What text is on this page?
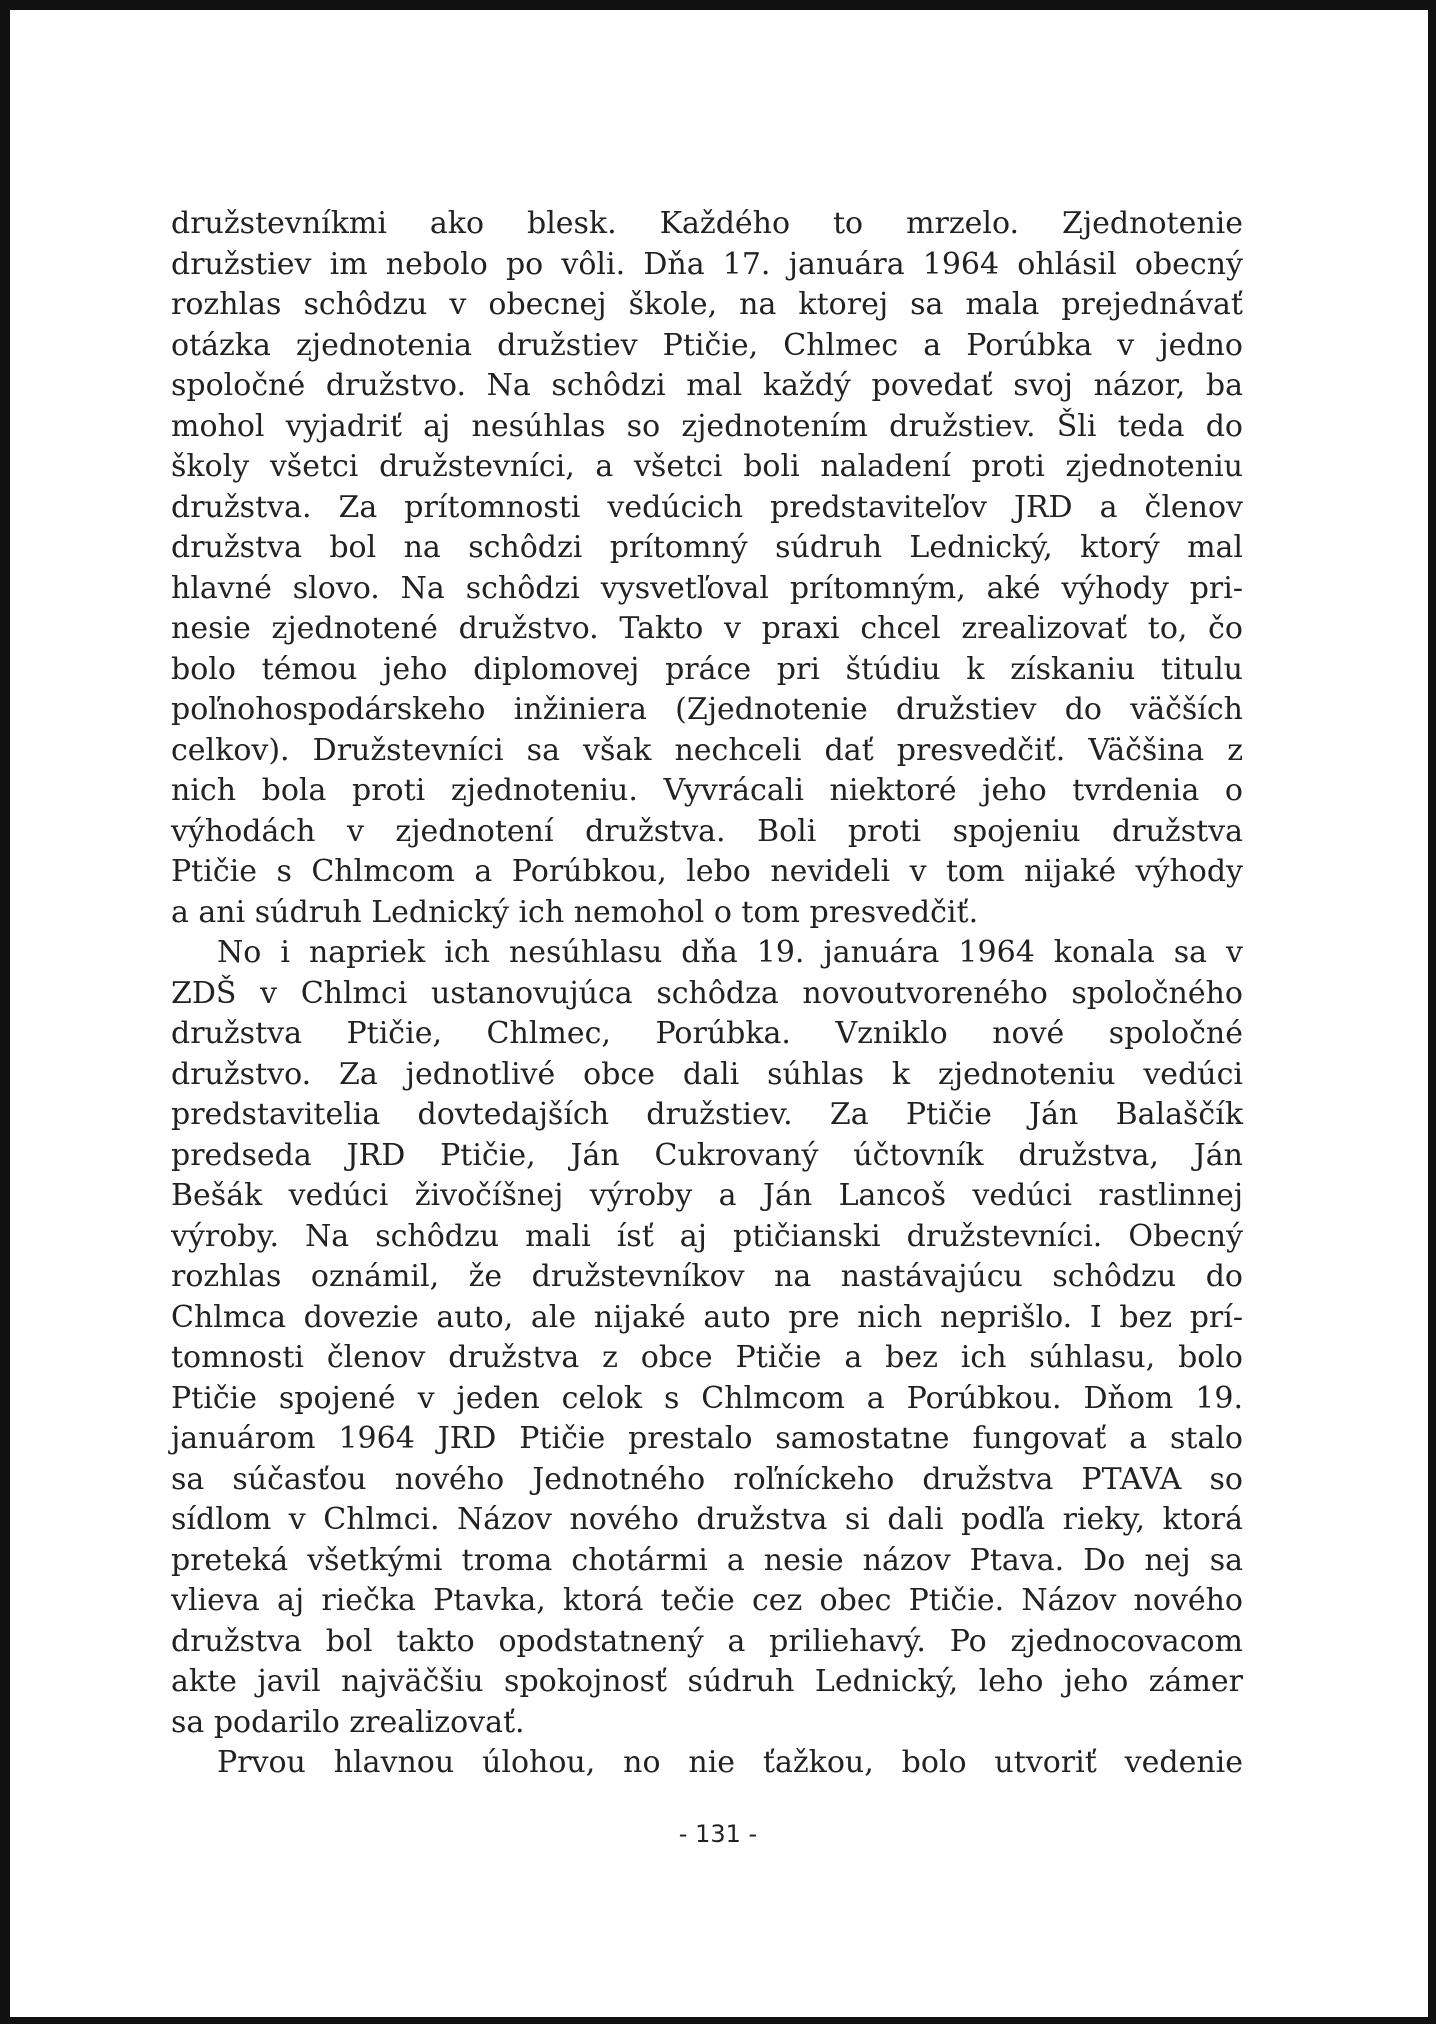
družstevníkmi ako blesk. Každého to mrzelo. Zjednotenie
družstiev im nebolo po vôli. Dňa 17. januára 1964 ohlásil obecný
rozhlas schôdzu v obecnej škole, na ktorej sa mala prejednávať
otázka zjednotenia družstiev Ptičie, Chlmec a Porúbka v jedno
spoločné družstvo. Na schôdzi mal každý povedať svoj názor, ba
mohol vyjadriť aj nesúhlas so zjednotením družstiev. Šli teda do
školy všetci družstevníci, a všetci boli naladení proti zjednoteniu
družstva. Za prítomnosti vedúcich predstaviteľov JRD a členov
družstva bol na schôdzi prítomný súdruh Lednický, ktorý mal
hlavné slovo. Na schôdzi vysvetľoval prítomným, aké výhody pri-
nesie zjednotené družstvo. Takto v praxi chcel zrealizovať to, čo
bolo témou jeho diplomovej práce pri štúdiu k získaniu titulu
poľnohospodárskeho inžiniera (Zjednotenie družstiev do väčších
celkov). Družstevníci sa však nechceli dať presvedčiť. Väčšina z
nich bola proti zjednoteniu. Vyvrácali niektoré jeho tvrdenia o
výhodách v zjednotení družstva. Boli proti spojeniu družstva
Ptičie s Chlmcom a Porúbkou, lebo nevideli v tom nijaké výhody
a ani súdruh Lednický ich nemohol o tom presvedčiť.
No i napriek ich nesúhlasu dňa 19. januára 1964 konala sa v
ZDŠ v Chlmci ustanovujúca schôdza novoutvoreného spoločného
družstva Ptičie, Chlmec, Porúbka. Vzniklo nové spoločné
družstvo. Za jednotlivé obce dali súhlas k zjednoteniu vedúci
predstavitelia dovtedajších družstiev. Za Ptičie Ján Balaščík
predseda JRD Ptičie, Ján Cukrovaný účtovník družstva, Ján
Bešák vedúci živočíšnej výroby a Ján Lancoš vedúci rastlinnej
výroby. Na schôdzu mali ísť aj ptičianski družstevníci. Obecný
rozhlas oznámil, že družstevníkov na nastávajúcu schôdzu do
Chlmca dovezie auto, ale nijaké auto pre nich neprišlo. I bez prí-
tomnosti členov družstva z obce Ptičie a bez ich súhlasu, bolo
Ptičie spojené v jeden celok s Chlmcom a Porúbkou. Dňom 19.
januárom 1964 JRD Ptičie prestalo samostatne fungovať a stalo
sa súčasťou nového Jednotného roľníckeho družstva PTAVA so
sídlom v Chlmci. Názov nového družstva si dali podľa rieky, ktorá
preteká všetkými troma chotármi a nesie názov Ptava. Do nej sa
vlieva aj riečka Ptavka, ktorá tečie cez obec Ptičie. Názov nového
družstva bol takto opodstatnený a priliehavý. Po zjednocovacom
akte javil najväčšiu spokojnosť súdruh Lednický, leho jeho zámer
sa podarilo zrealizovať.
Prvou hlavnou úlohou, no nie ťažkou, bolo utvoriť vedenie
- 131 -
